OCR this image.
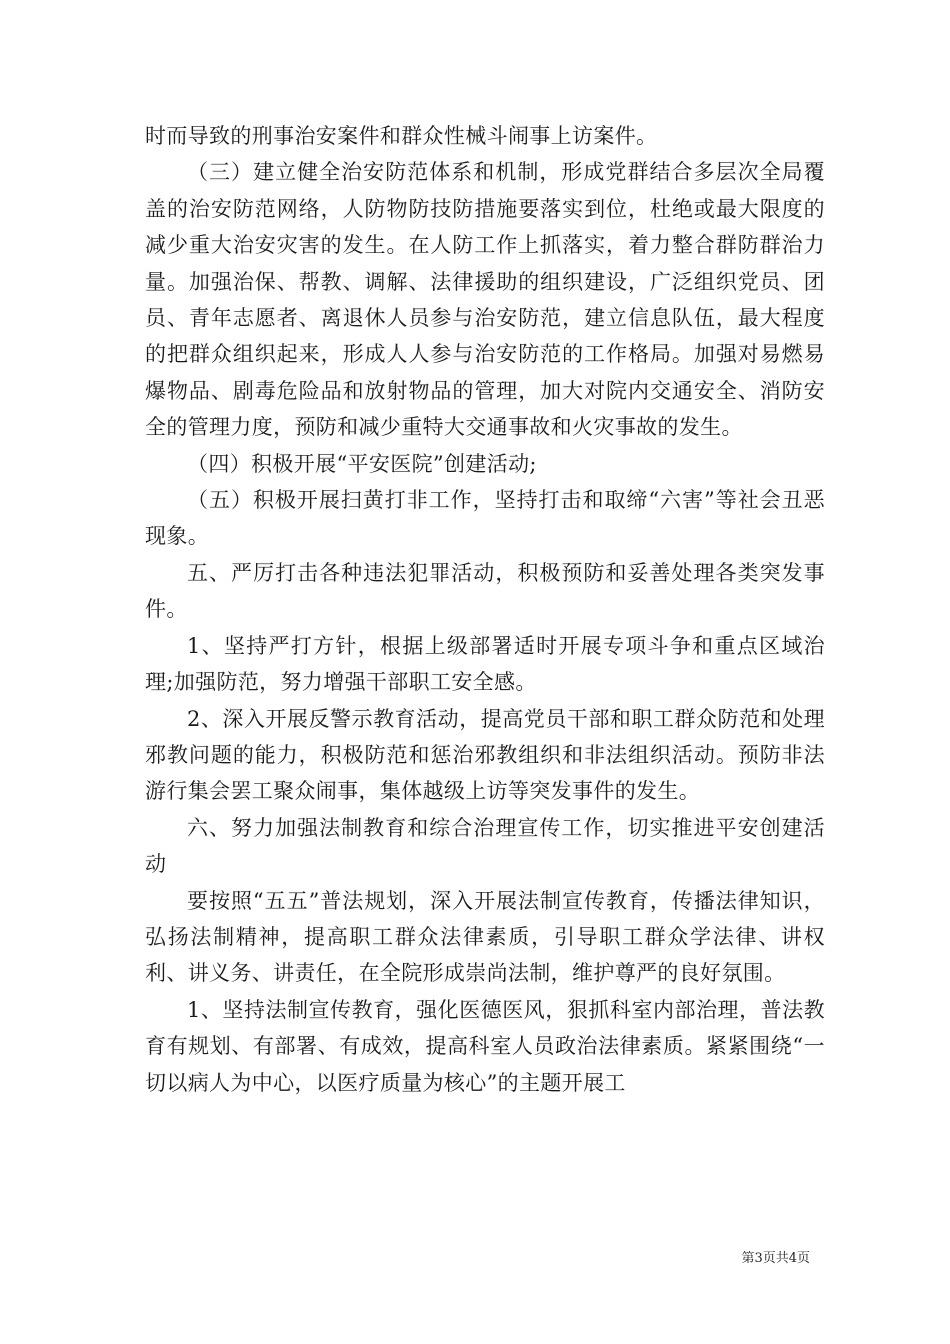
时而导致的刑事治安案件和群众性械斗闹事上访案件。

（三）建立健全治安防范体系和机制，形成党群结合多层次全局覆盖的治安防范网络，人防物防技防措施要落实到位，杜绝或最大限度的减少重大治安灾害的发生。在人防工作上抓落实，着力整合群防群治力量。加强治保、帮教、调解、法律援助的组织建设，广泛组织党员、团员、青年志愿者、离退休人员参与治安防范，建立信息队伍，最大程度的把群众组织起来，形成人人参与治安防范的工作格局。加强对易燃易爆物品、剧毒危险品和放射物品的管理，加大对院内交通安全、消防安全的管理力度，预防和减少重特大交通事故和火灾事故的发生。

（四）积极开展“平安医院”创建活动;

（五）积极开展扫黄打非工作，坚持打击和取缔“六害”等社会丑恶现象。

五、严厉打击各种违法犯罪活动，积极预防和妥善处理各类突发事件。

1、坚持严打方针，根据上级部署适时开展专项斗争和重点区域治理;加强防范，努力增强干部职工安全感。

2、深入开展反警示教育活动，提高党员干部和职工群众防范和处理邪教问题的能力，积极防范和惩治邪教组织和非法组织活动。预防非法游行集会罢工聚众闹事，集体越级上访等突发事件的发生。

六、努力加强法制教育和综合治理宣传工作，切实推进平安创建活动

要按照“五五”普法规划，深入开展法制宣传教育，传播法律知识，弘扬法制精神，提高职工群众法律素质，引导职工群众学法律、讲权利、讲义务、讲责任，在全院形成崇尚法制，维护尊严的良好氛围。

1、坚持法制宣传教育，强化医德医风，狠抓科室内部治理，普法教育有规划、有部署、有成效，提高科室人员政治法律素质。紧紧围绕“一切以病人为中心，以医疗质量为核心”的主题开展工

第3页共4页
